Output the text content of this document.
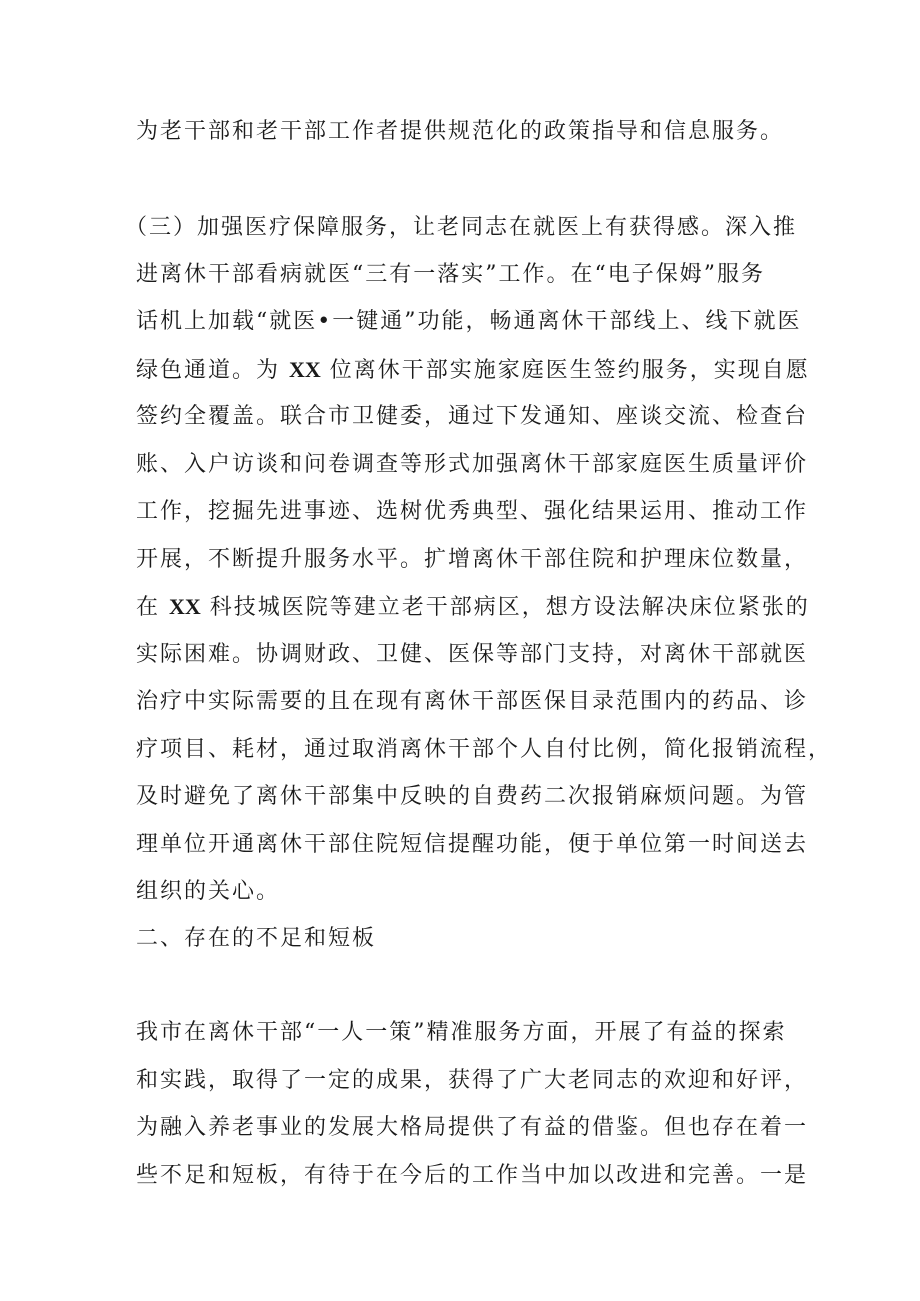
为老干部和老干部工作者提供规范化的政策指导和信息服务。
（三）加强医疗保障服务，让老同志在就医上有获得感。深入推
进离休干部看病就医“三有一落实”工作。在“电子保姆”服务
话机上加载“就医•一键通”功能，畅通离休干部线上、线下就医
绿色通道。为 XX 位离休干部实施家庭医生签约服务，实现自愿
签约全覆盖。联合市卫健委，通过下发通知、座谈交流、检查台
账、入户访谈和问卷调查等形式加强离休干部家庭医生质量评价
工作，挖掘先进事迹、选树优秀典型、强化结果运用、推动工作
开展，不断提升服务水平。扩增离休干部住院和护理床位数量，
在 XX 科技城医院等建立老干部病区，想方设法解决床位紧张的
实际困难。协调财政、卫健、医保等部门支持，对离休干部就医
治疗中实际需要的且在现有离休干部医保目录范围内的药品、诊
疗项目、耗材，通过取消离休干部个人自付比例，简化报销流程，
及时避免了离休干部集中反映的自费药二次报销麻烦问题。为管
理单位开通离休干部住院短信提醒功能，便于单位第一时间送去
组织的关心。
二、存在的不足和短板
我市在离休干部“一人一策”精准服务方面，开展了有益的探索
和实践，取得了一定的成果，获得了广大老同志的欢迎和好评，
为融入养老事业的发展大格局提供了有益的借鉴。但也存在着一
些不足和短板，有待于在今后的工作当中加以改进和完善。一是
